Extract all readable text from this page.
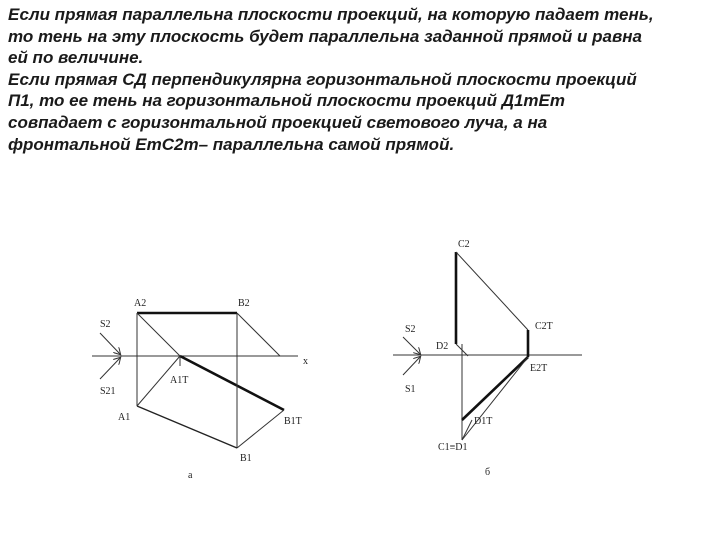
Если прямая параллельна плоскости проекций, на которую падает тень,

то тень на эту плоскость будет параллельна заданной прямой и равна

ей по величине.

Если прямая СД перпендикулярна горизонтальной плоскости проекций

П1, то ее тень на горизонтальной плоскости проекций Д1тЕт

совпадает с горизонтальной проекцией светового луча, а на

фронтальной ЕтС2т– параллельна самой прямой.

S2
A2	B2
x
A1T
S21
A1	B1T
B1
а
C2
S2
D2
C2T
E2T
S1
D1T
C1≡D1
б
